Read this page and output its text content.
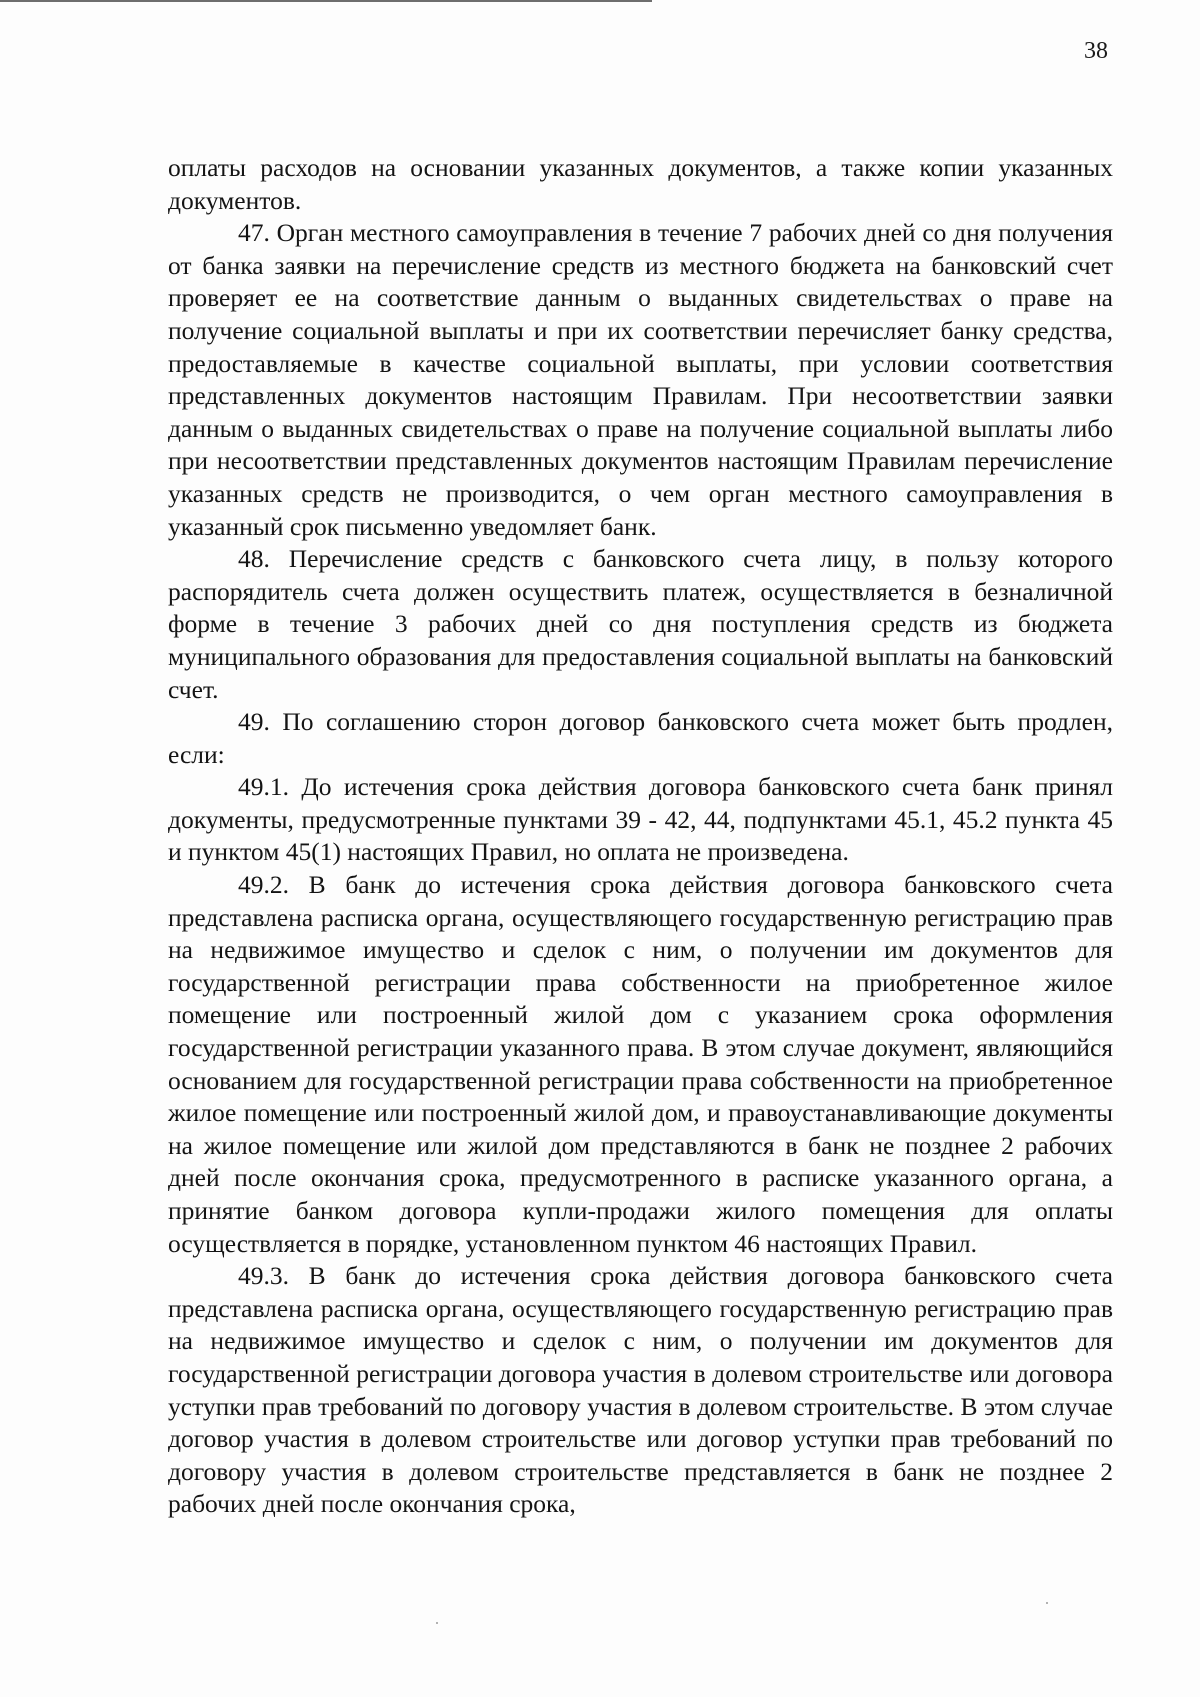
38

оплаты расходов на основании указанных документов, а также копии указанных документов.

47. Орган местного самоуправления в течение 7 рабочих дней со дня получения от банка заявки на перечисление средств из местного бюджета на банковский счет проверяет ее на соответствие данным о выданных свидетельствах о праве на получение социальной выплаты и при их соответствии перечисляет банку средства, предоставляемые в качестве социальной выплаты, при условии соответствия представленных документов настоящим Правилам. При несоответствии заявки данным о выданных свидетельствах о праве на получение социальной выплаты либо при несоответствии представленных документов настоящим Правилам перечисление указанных средств не производится, о чем орган местного самоуправления в указанный срок письменно уведомляет банк.

48. Перечисление средств с банковского счета лицу, в пользу которого распорядитель счета должен осуществить платеж, осуществляется в безналичной форме в течение 3 рабочих дней со дня поступления средств из бюджета муниципального образования для предоставления социальной выплаты на банковский счет.

49. По соглашению сторон договор банковского счета может быть продлен, если:

49.1. До истечения срока действия договора банковского счета банк принял документы, предусмотренные пунктами 39 - 42, 44, подпунктами 45.1, 45.2 пункта 45 и пунктом 45(1) настоящих Правил, но оплата не произведена.

49.2. В банк до истечения срока действия договора банковского счета представлена расписка органа, осуществляющего государственную регистрацию прав на недвижимое имущество и сделок с ним, о получении им документов для государственной регистрации права собственности на приобретенное жилое помещение или построенный жилой дом с указанием срока оформления государственной регистрации указанного права. В этом случае документ, являющийся основанием для государственной регистрации права собственности на приобретенное жилое помещение или построенный жилой дом, и правоустанавливающие документы на жилое помещение или жилой дом представляются в банк не позднее 2 рабочих дней после окончания срока, предусмотренного в расписке указанного органа, а принятие банком договора купли-продажи жилого помещения для оплаты осуществляется в порядке, установленном пунктом 46 настоящих Правил.

49.3. В банк до истечения срока действия договора банковского счета представлена расписка органа, осуществляющего государственную регистрацию прав на недвижимое имущество и сделок с ним, о получении им документов для государственной регистрации договора участия в долевом строительстве или договора уступки прав требований по договору участия в долевом строительстве. В этом случае договор участия в долевом строительстве или договор уступки прав требований по договору участия в долевом строительстве представляется в банк не позднее 2 рабочих дней после окончания срока,
